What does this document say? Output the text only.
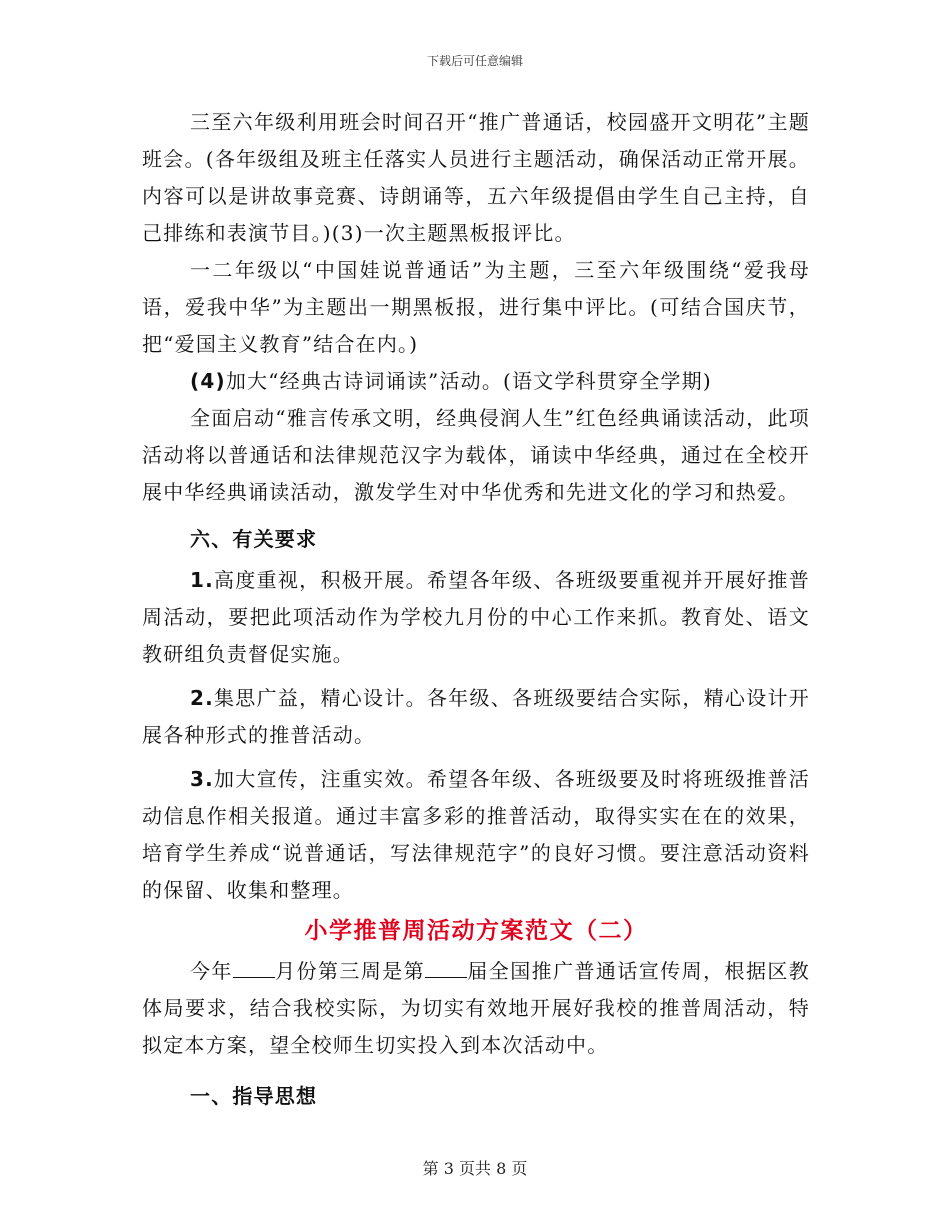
下载后可任意编辑

三至六年级利用班会时间召开“推广普通话，校园盛开文明花”主题班会。(各年级组及班主任落实人员进行主题活动，确保活动正常开展。内容可以是讲故事竞赛、诗朗诵等，五六年级提倡由学生自己主持，自己排练和表演节目。)(3)一次主题黑板报评比。

一二年级以“中国娃说普通话”为主题，三至六年级围绕“爱我母语，爱我中华”为主题出一期黑板报，进行集中评比。(可结合国庆节，把“爱国主义教育”结合在内。)

(4)加大“经典古诗词诵读”活动。(语文学科贯穿全学期)

全面启动“雅言传承文明，经典侵润人生”红色经典诵读活动，此项活动将以普通话和法律规范汉字为载体，诵读中华经典，通过在全校开展中华经典诵读活动，激发学生对中华优秀和先进文化的学习和热爱。

六、有关要求

1.高度重视，积极开展。希望各年级、各班级要重视并开展好推普周活动，要把此项活动作为学校九月份的中心工作来抓。教育处、语文教研组负责督促实施。

2.集思广益，精心设计。各年级、各班级要结合实际，精心设计开展各种形式的推普活动。

3.加大宣传，注重实效。希望各年级、各班级要及时将班级推普活动信息作相关报道。通过丰富多彩的推普活动，取得实实在在的效果，培育学生养成“说普通话，写法律规范字”的良好习惯。要注意活动资料的保留、收集和整理。

小学推普周活动方案范文（二）

今年 月份第三周是第 届全国推广普通话宣传周，根据区教体局要求，结合我校实际，为切实有效地开展好我校的推普周活动，特拟定本方案，望全校师生切实投入到本次活动中。

一、指导思想

第 3 页共 8 页
